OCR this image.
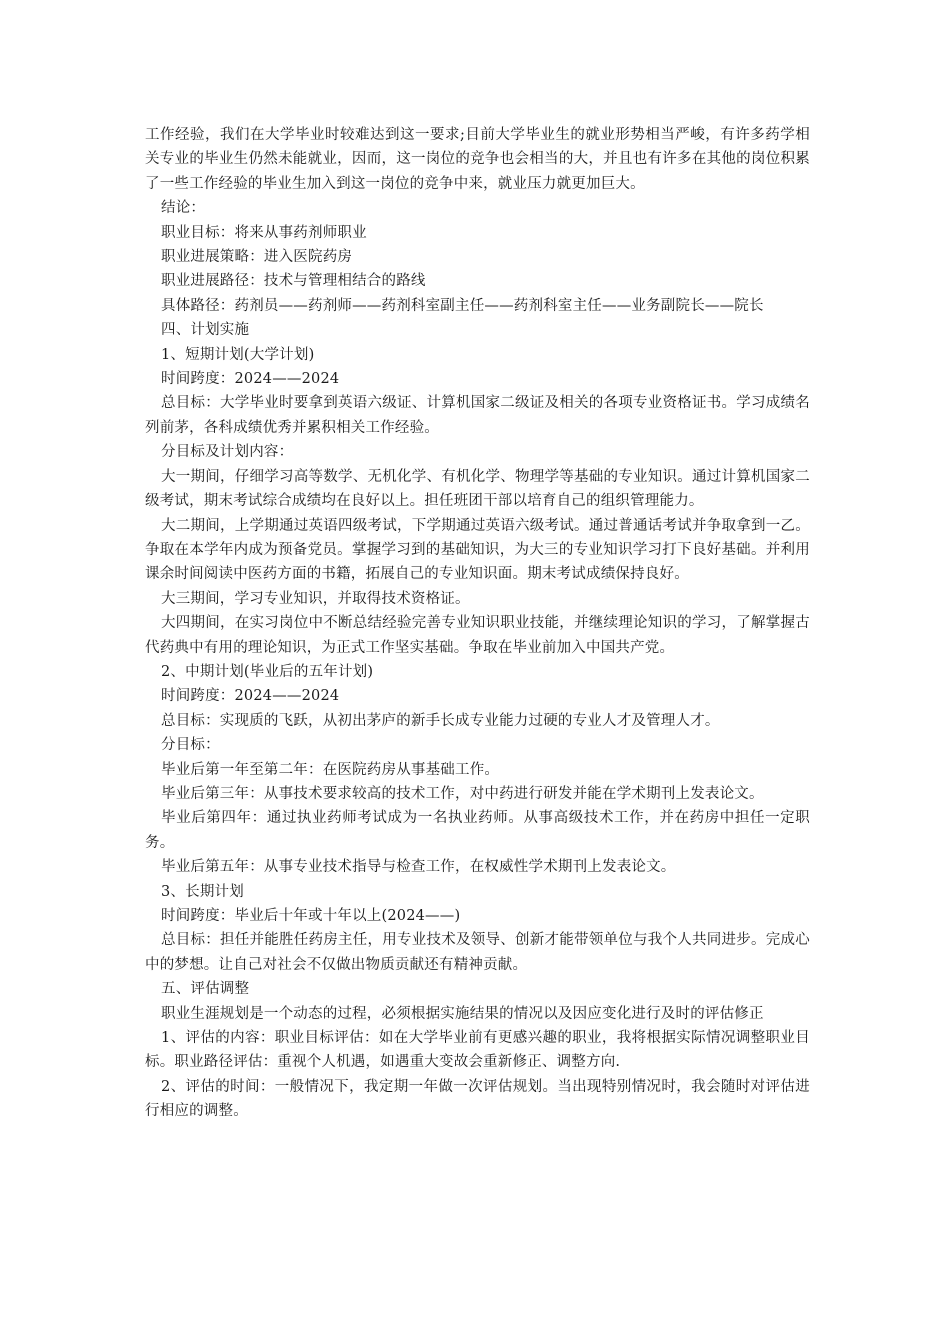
工作经验，我们在大学毕业时较难达到这一要求;目前大学毕业生的就业形势相当严峻，有许多药学相关专业的毕业生仍然未能就业，因而，这一岗位的竞争也会相当的大，并且也有许多在其他的岗位积累了一些工作经验的毕业生加入到这一岗位的竞争中来，就业压力就更加巨大。

结论：

职业目标：将来从事药剂师职业

职业进展策略：进入医院药房

职业进展路径：技术与管理相结合的路线

具体路径：药剂员——药剂师——药剂科室副主任——药剂科室主任——业务副院长——院长

四、计划实施

1、短期计划(大学计划)

时间跨度：2024——2024

总目标：大学毕业时要拿到英语六级证、计算机国家二级证及相关的各项专业资格证书。学习成绩名列前茅，各科成绩优秀并累积相关工作经验。

分目标及计划内容：

大一期间，仔细学习高等数学、无机化学、有机化学、物理学等基础的专业知识。通过计算机国家二级考试，期末考试综合成绩均在良好以上。担任班团干部以培育自己的组织管理能力。

大二期间，上学期通过英语四级考试，下学期通过英语六级考试。通过普通话考试并争取拿到一乙。争取在本学年内成为预备党员。掌握学习到的基础知识，为大三的专业知识学习打下良好基础。并利用课余时间阅读中医药方面的书籍，拓展自己的专业知识面。期末考试成绩保持良好。

大三期间，学习专业知识，并取得技术资格证。

大四期间，在实习岗位中不断总结经验完善专业知识职业技能，并继续理论知识的学习，了解掌握古代药典中有用的理论知识，为正式工作坚实基础。争取在毕业前加入中国共产党。

2、中期计划(毕业后的五年计划)

时间跨度：2024——2024

总目标：实现质的飞跃，从初出茅庐的新手长成专业能力过硬的专业人才及管理人才。

分目标：

毕业后第一年至第二年：在医院药房从事基础工作。

毕业后第三年：从事技术要求较高的技术工作，对中药进行研发并能在学术期刊上发表论文。

毕业后第四年：通过执业药师考试成为一名执业药师。从事高级技术工作，并在药房中担任一定职务。

毕业后第五年：从事专业技术指导与检查工作，在权威性学术期刊上发表论文。

3、长期计划

时间跨度：毕业后十年或十年以上(2024——)

总目标：担任并能胜任药房主任，用专业技术及领导、创新才能带领单位与我个人共同进步。完成心中的梦想。让自己对社会不仅做出物质贡献还有精神贡献。

五、评估调整

职业生涯规划是一个动态的过程，必须根据实施结果的情况以及因应变化进行及时的评估修正

1、评估的内容：职业目标评估：如在大学毕业前有更感兴趣的职业，我将根据实际情况调整职业目标。职业路径评估：重视个人机遇，如遇重大变故会重新修正、调整方向.

2、评估的时间：一般情况下，我定期一年做一次评估规划。当出现特别情况时，我会随时对评估进行相应的调整。
